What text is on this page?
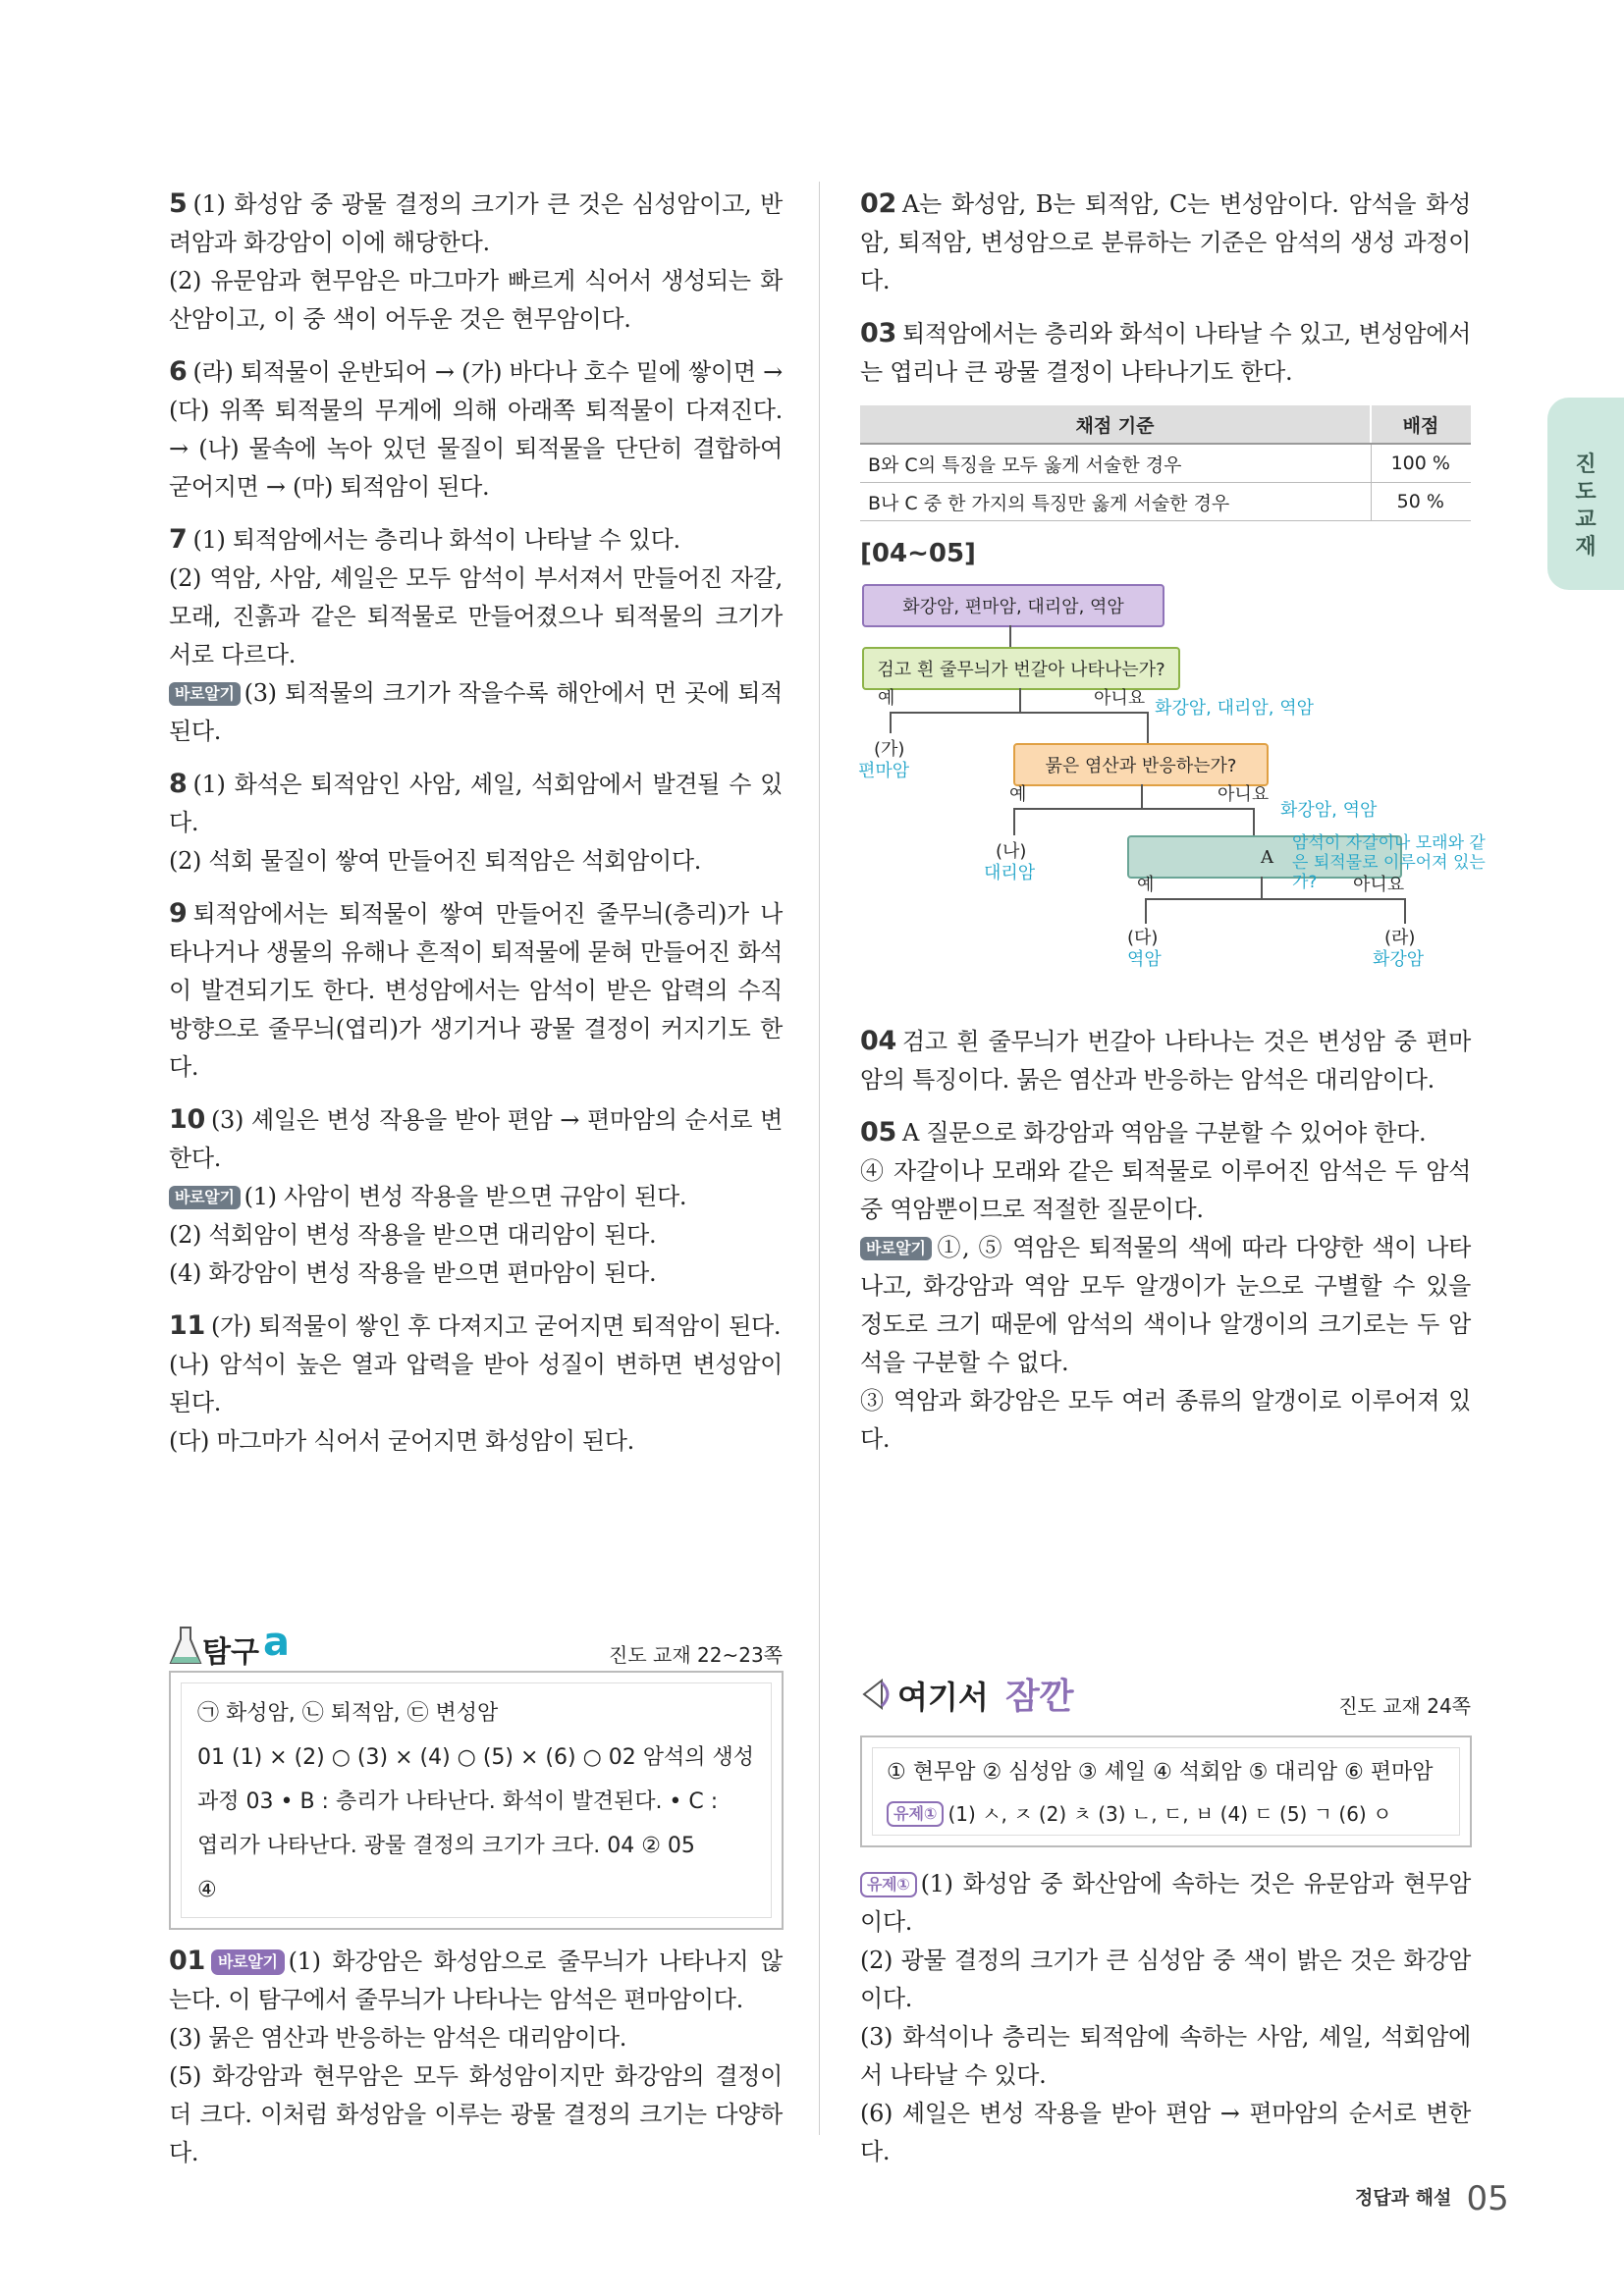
진도 교재

5 (1) 화성암 중 광물 결정의 크기가 큰 것은 심성암이고, 반려암과 화강암이 이에 해당한다.

(2) 유문암과 현무암은 마그마가 빠르게 식어서 생성되는 화산암이고, 이 중 색이 어두운 것은 현무암이다.

6 (라) 퇴적물이 운반되어 → (가) 바다나 호수 밑에 쌓이면 → (다) 위쪽 퇴적물의 무게에 의해 아래쪽 퇴적물이 다져진다. → (나) 물속에 녹아 있던 물질이 퇴적물을 단단히 결합하여 굳어지면 → (마) 퇴적암이 된다.

7 (1) 퇴적암에서는 층리나 화석이 나타날 수 있다.

(2) 역암, 사암, 셰일은 모두 암석이 부서져서 만들어진 자갈, 모래, 진흙과 같은 퇴적물로 만들어졌으나 퇴적물의 크기가 서로 다르다.

바로알기 (3) 퇴적물의 크기가 작을수록 해안에서 먼 곳에 퇴적된다.

8 (1) 화석은 퇴적암인 사암, 셰일, 석회암에서 발견될 수 있다.

(2) 석회 물질이 쌓여 만들어진 퇴적암은 석회암이다.

9 퇴적암에서는 퇴적물이 쌓여 만들어진 줄무늬(층리)가 나타나거나 생물의 유해나 흔적이 퇴적물에 묻혀 만들어진 화석이 발견되기도 한다. 변성암에서는 암석이 받은 압력의 수직 방향으로 줄무늬(엽리)가 생기거나 광물 결정이 커지기도 한다.

10 (3) 셰일은 변성 작용을 받아 편암 → 편마암의 순서로 변한다.

바로알기 (1) 사암이 변성 작용을 받으면 규암이 된다.

(2) 석회암이 변성 작용을 받으면 대리암이 된다.

(4) 화강암이 변성 작용을 받으면 편마암이 된다.

11 (가) 퇴적물이 쌓인 후 다져지고 굳어지면 퇴적암이 된다.

(나) 암석이 높은 열과 압력을 받아 성질이 변하면 변성암이 된다.

(다) 마그마가 식어서 굳어지면 화성암이 된다.

02 A는 화성암, B는 퇴적암, C는 변성암이다. 암석을 화성암, 퇴적암, 변성암으로 분류하는 기준은 암석의 생성 과정이다.

03 퇴적암에서는 층리와 화석이 나타날 수 있고, 변성암에서는 엽리나 큰 광물 결정이 나타나기도 한다.

채점 기준	배점
B와 C의 특징을 모두 옳게 서술한 경우	100 %
B나 C 중 한 가지의 특징만 옳게 서술한 경우	50 %
[04~05]
화강암, 편마암, 대리암, 역암
검고 흰 줄무늬가 번갈아 나타나는가?
예	아니요 화강암, 대리암, 역암
(가)
편마암	묽은 염산과 반응하는가?
예	아니요
화강암, 역암
(나)
대리암
A
암석이 자갈이나 모래와 같은 퇴적물로 이루어져 있는가?
예	아니요
(다)
역암
(라)
화강암

04 검고 흰 줄무늬가 번갈아 나타나는 것은 변성암 중 편마암의 특징이다. 묽은 염산과 반응하는 암석은 대리암이다.

05 A 질문으로 화강암과 역암을 구분할 수 있어야 한다.

④ 자갈이나 모래와 같은 퇴적물로 이루어진 암석은 두 암석 중 역암뿐이므로 적절한 질문이다.

바로알기 ①, ⑤ 역암은 퇴적물의 색에 따라 다양한 색이 나타나고, 화강암과 역암 모두 알갱이가 눈으로 구별할 수 있을 정도로 크기 때문에 암석의 색이나 알갱이의 크기로는 두 암석을 구분할 수 없다.

③ 역암과 화강암은 모두 여러 종류의 알갱이로 이루어져 있다.

탐구 a	진도 교재 22~23쪽
㉠ 화성암, ㉡ 퇴적암, ㉢ 변성암
01 (1) × (2) ○ (3) × (4) ○ (5) × (6) ○ 02 암석의 생성
과정 03 • B : 층리가 나타난다. 화석이 발견된다. • C :
엽리가 나타난다. 광물 결정의 크기가 크다. 04 ② 05
④

01 바로알기 (1) 화강암은 화성암으로 줄무늬가 나타나지 않는다. 이 탐구에서 줄무늬가 나타나는 암석은 편마암이다.

(3) 묽은 염산과 반응하는 암석은 대리암이다.

(5) 화강암과 현무암은 모두 화성암이지만 화강암의 결정이 더 크다. 이처럼 화성암을 이루는 광물 결정의 크기는 다양하다.

여기서 잠깐	진도 교재 24쪽
① 현무암 ② 심성암 ③ 셰일 ④ 석회암 ⑤ 대리암 ⑥ 편마암
유제① (1) ㅅ, ㅈ (2) ㅊ (3) ㄴ, ㄷ, ㅂ (4) ㄷ (5) ㄱ (6) ㅇ

유제① (1) 화성암 중 화산암에 속하는 것은 유문암과 현무암이다.

(2) 광물 결정의 크기가 큰 심성암 중 색이 밝은 것은 화강암이다.

(3) 화석이나 층리는 퇴적암에 속하는 사암, 셰일, 석회암에서 나타날 수 있다.

(6) 셰일은 변성 작용을 받아 편암 → 편마암의 순서로 변한다.

정답과 해설 05
